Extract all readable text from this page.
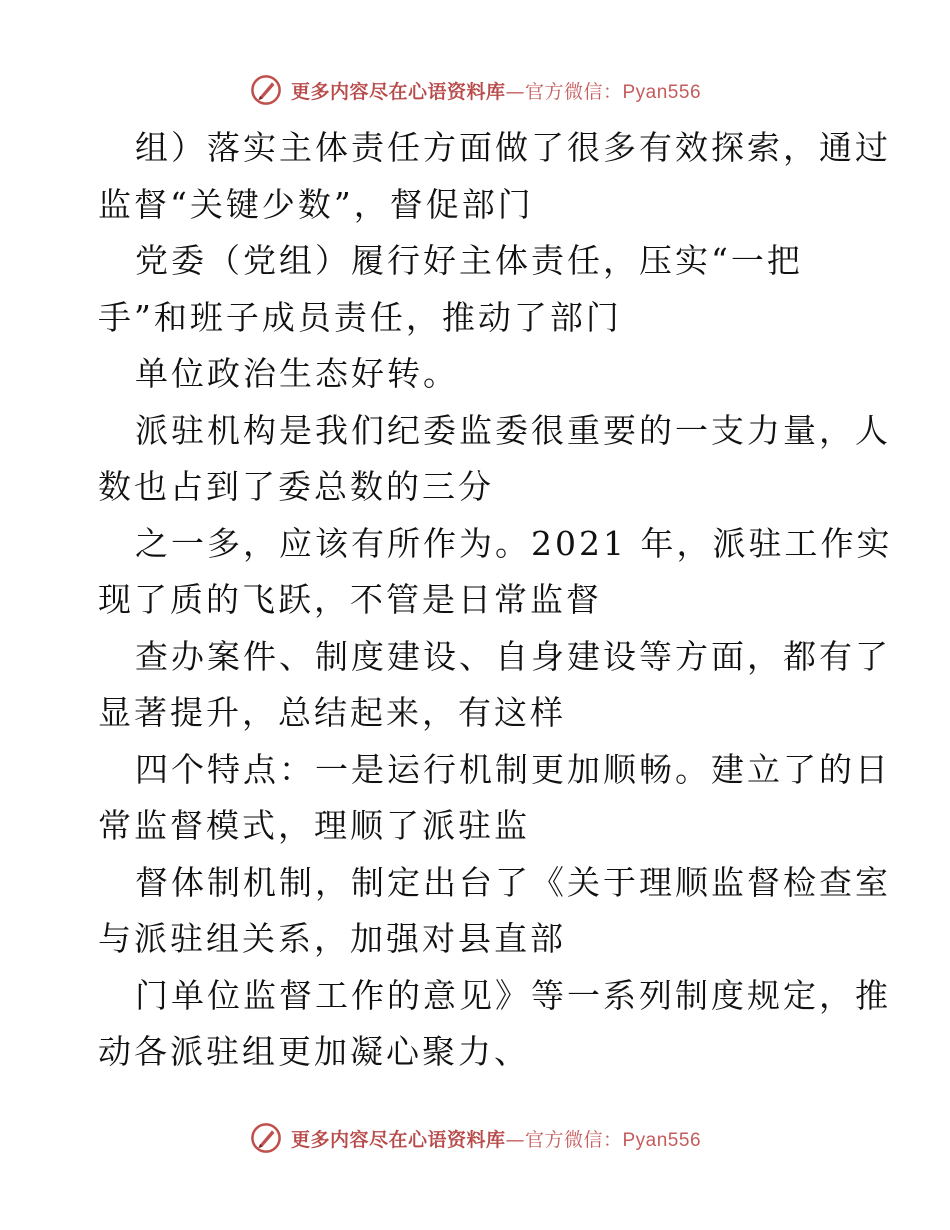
更多内容尽在心语资料库—官方微信：Pyan556
组）落实主体责任方面做了很多有效探索，通过
监督“关键少数”，督促部门
党委（党组）履行好主体责任，压实“一把
手”和班子成员责任，推动了部门
单位政治生态好转。
派驻机构是我们纪委监委很重要的一支力量，人
数也占到了委总数的三分
之一多，应该有所作为。2021 年，派驻工作实
现了质的飞跃，不管是日常监督
查办案件、制度建设、自身建设等方面，都有了
显著提升，总结起来，有这样
四个特点：一是运行机制更加顺畅。建立了的日
常监督模式，理顺了派驻监
督体制机制，制定出台了《关于理顺监督检查室
与派驻组关系，加强对县直部
门单位监督工作的意见》等一系列制度规定，推
动各派驻组更加凝心聚力、
更多内容尽在心语资料库—官方微信：Pyan556
